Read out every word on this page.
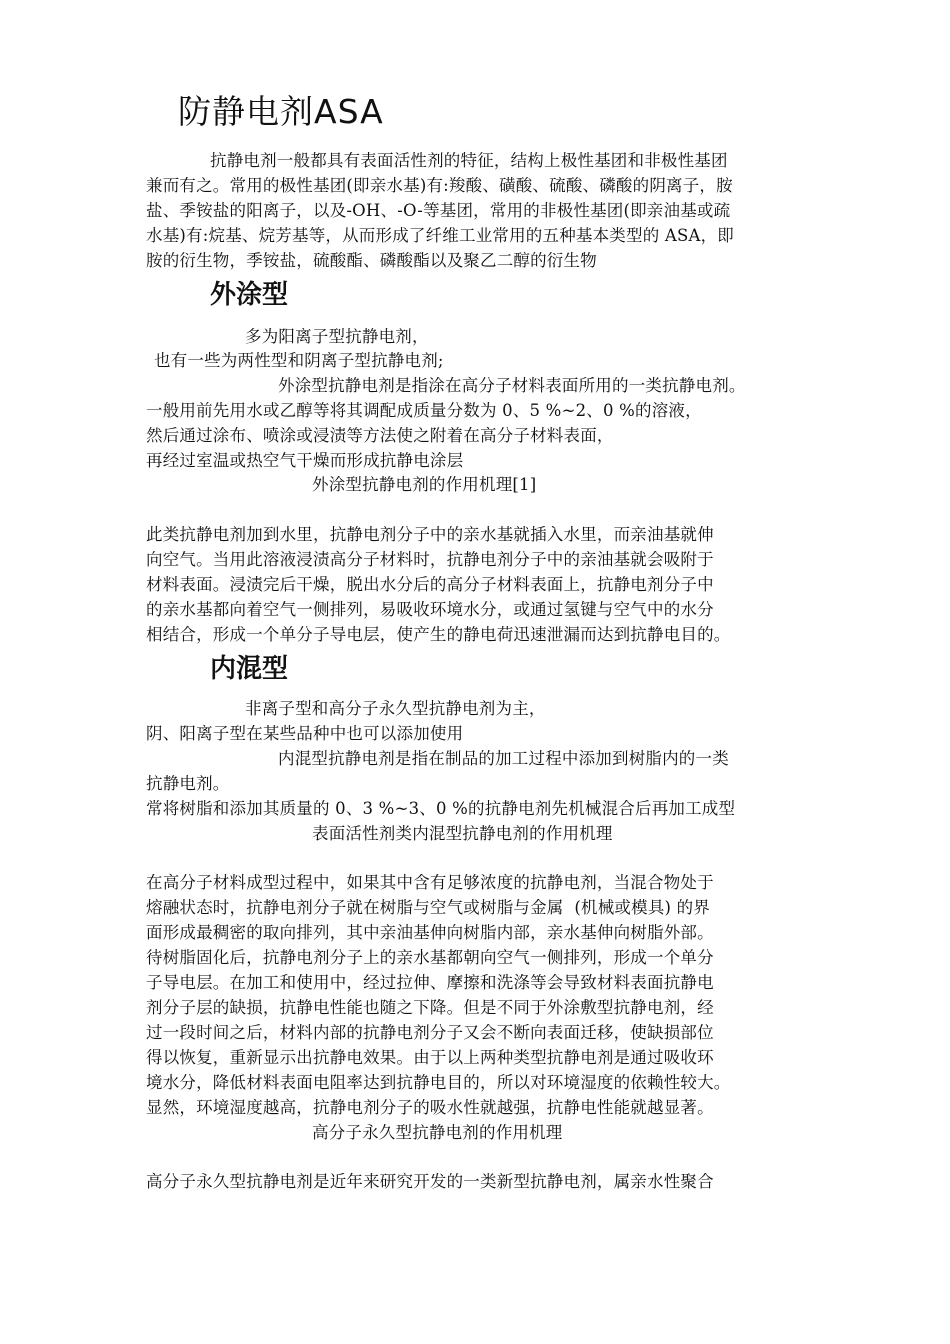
防静电剂ASA
抗静电剂一般都具有表面活性剂的特征，结构上极性基团和非极性基团
兼而有之。常用的极性基团(即亲水基)有:羧酸、磺酸、硫酸、磷酸的阴离子，胺
盐、季铵盐的阳离子，以及-OH、-O-等基团，常用的非极性基团(即亲油基或疏
水基)有:烷基、烷芳基等，从而形成了纤维工业常用的五种基本类型的 ASA，即
胺的衍生物，季铵盐，硫酸酯、磷酸酯以及聚乙二醇的衍生物
外涂型
多为阳离子型抗静电剂，
也有一些为两性型和阴离子型抗静电剂;
外涂型抗静电剂是指涂在高分子材料表面所用的一类抗静电剂。
一般用前先用水或乙醇等将其调配成质量分数为 0、5 %~2、0 %的溶液，
然后通过涂布、喷涂或浸渍等方法使之附着在高分子材料表面，
再经过室温或热空气干燥而形成抗静电涂层
外涂型抗静电剂的作用机理[1]
此类抗静电剂加到水里，抗静电剂分子中的亲水基就插入水里，而亲油基就伸
向空气。当用此溶液浸渍高分子材料时，抗静电剂分子中的亲油基就会吸附于
材料表面。浸渍完后干燥，脱出水分后的高分子材料表面上，抗静电剂分子中
的亲水基都向着空气一侧排列，易吸收环境水分，或通过氢键与空气中的水分
相结合，形成一个单分子导电层，使产生的静电荷迅速泄漏而达到抗静电目的。
内混型
非离子型和高分子永久型抗静电剂为主，
阴、阳离子型在某些品种中也可以添加使用
内混型抗静电剂是指在制品的加工过程中添加到树脂内的一类
抗静电剂。
常将树脂和添加其质量的 0、3 %~3、0 %的抗静电剂先机械混合后再加工成型
表面活性剂类内混型抗静电剂的作用机理
在高分子材料成型过程中，如果其中含有足够浓度的抗静电剂，当混合物处于
熔融状态时，抗静电剂分子就在树脂与空气或树脂与金属  (机械或模具) 的界
面形成最稠密的取向排列，其中亲油基伸向树脂内部，亲水基伸向树脂外部。
待树脂固化后，抗静电剂分子上的亲水基都朝向空气一侧排列，形成一个单分
子导电层。在加工和使用中，经过拉伸、摩擦和洗涤等会导致材料表面抗静电
剂分子层的缺损，抗静电性能也随之下降。但是不同于外涂敷型抗静电剂，经
过一段时间之后，材料内部的抗静电剂分子又会不断向表面迁移，使缺损部位
得以恢复，重新显示出抗静电效果。由于以上两种类型抗静电剂是通过吸收环
境水分，降低材料表面电阻率达到抗静电目的，所以对环境湿度的依赖性较大。
显然，环境湿度越高，抗静电剂分子的吸水性就越强，抗静电性能就越显著。
高分子永久型抗静电剂的作用机理
高分子永久型抗静电剂是近年来研究开发的一类新型抗静电剂，属亲水性聚合
